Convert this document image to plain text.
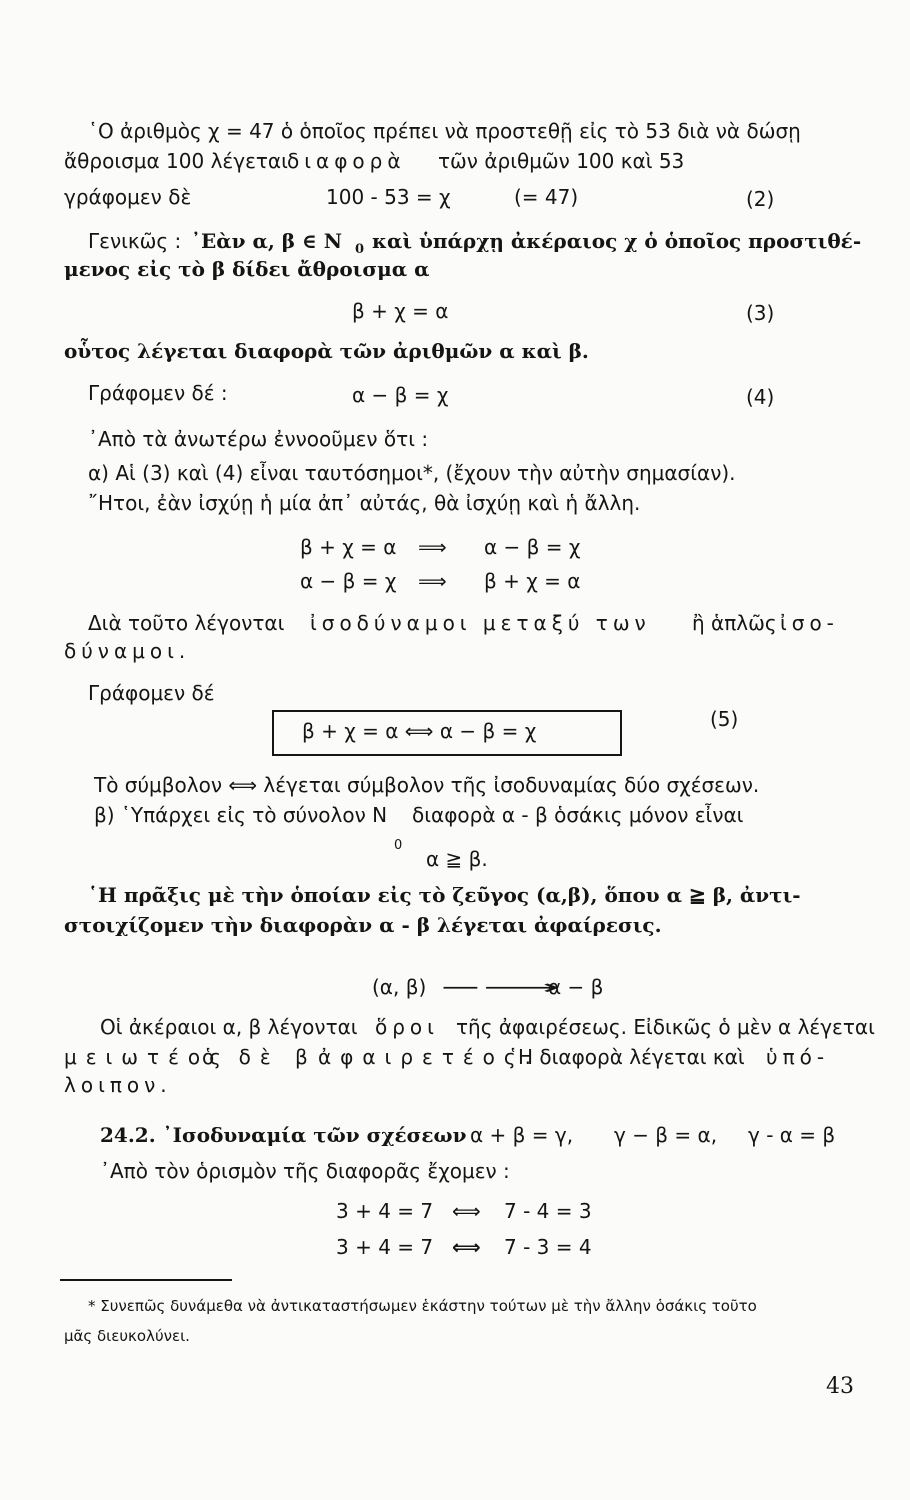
῾Ο ἀριθμὸς χ = 47 ὁ ὁποῖος πρέπει νὰ προστεθῇ εἰς τὸ 53 διὰ νὰ δώσῃ
ἄθροισμα 100 λέγεται διαφορὰ τῶν ἀριθμῶν 100 καὶ 53
γράφομεν δὲ	100 - 53 = χ	(= 47)	(2)
Γενικῶς : ᾿Εὰν α, β ∈ N 0 καὶ ὑπάρχῃ ἀκέραιος χ ὁ ὁποῖος προστιθέ-
μενος εἰς τὸ β δίδει ἄθροισμα α
β + χ = α	(3)
οὗτος λέγεται διαφορὰ τῶν ἀριθμῶν α καὶ β.
Γράφομεν δέ :	α − β = χ	(4)
᾿Απὸ τὰ ἀνωτέρω ἐννοοῦμεν ὅτι :
α) Αἱ (3) καὶ (4) εἶναι ταυτόσημοι*, (ἔχουν τὴν αὐτὴν σημασίαν).
῎Ητοι, ἐὰν ἰσχύῃ ἡ μία ἀπ᾿ αὐτάς, θὰ ἰσχύῃ καὶ ἡ ἄλλη.
β + χ = α ⟹ α − β = χ
α − β = χ ⟹ β + χ = α
Διὰ τοῦτο λέγονται ἰσοδύναμοι μεταξύ των ἢ ἁπλῶς ἰσο-
δύναμοι.
Γράφομεν δέ
β + χ = α ⟺ α − β = χ	(5)
Τὸ σύμβολον ⟺ λέγεται σύμβολον τῆς ἰσοδυναμίας δύο σχέσεων.
β) ῾Υπάρχει εἰς τὸ σύνολον N
0
διαφορὰ α - β ὁσάκις μόνον εἶναι
α ≧ β.
῾Η πρᾶξις μὲ τὴν ὁποίαν εἰς τὸ ζεῦγος (α,β), ὅπου α ≧ β, ἀντι-
στοιχίζομεν τὴν διαφορὰν α - β λέγεται ἀφαίρεσις.
(α, β) −⟶
α − β
Οἱ ἀκέραιοι α, β λέγονται ὅροι τῆς ἀφαιρέσεως. Εἰδικῶς ὁ μὲν α λέγεται
μειωτέος
ὁ δὲ β ἀφαιρετέος.
῾Η διαφορὰ λέγεται καὶ ὑπό-
λοιπον.
24.2. ᾿Ισοδυναμία τῶν σχέσεων α + β = γ, γ − β = α, γ - α = β
᾿Απὸ τὸν ὁρισμὸν τῆς διαφορᾶς ἔχομεν :
3 + 4 = 7 ⟺ 7 - 4 = 3
3 + 4 = 7 ⟺ 7 - 3 = 4
* Συνεπῶς δυνάμεθα νὰ ἀντικαταστήσωμεν ἑκάστην τούτων μὲ τὴν ἄλλην ὁσάκις τοῦτο
μᾶς διευκολύνει.
43
